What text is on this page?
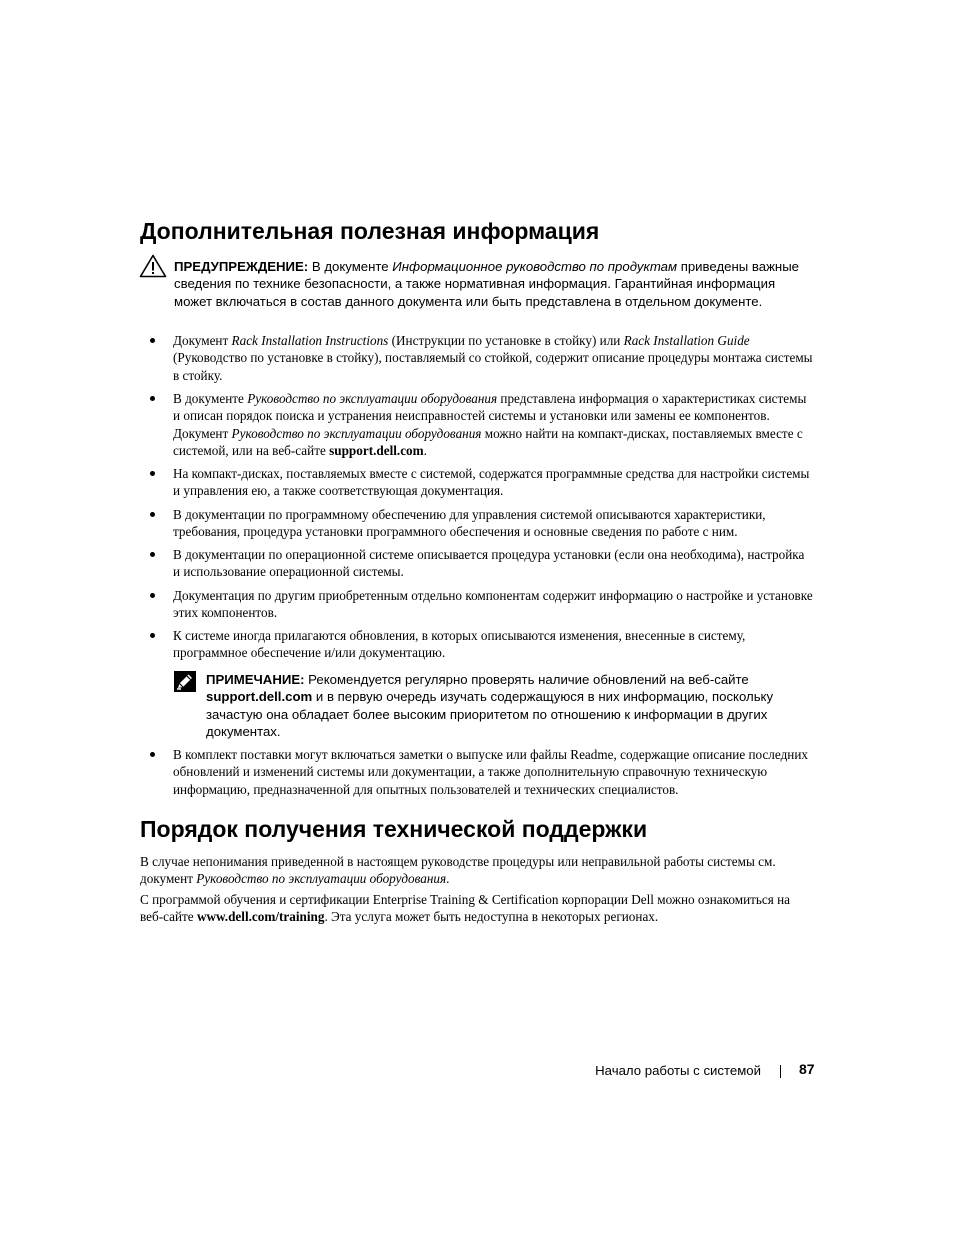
Дополнительная полезная информация
ПРЕДУПРЕЖДЕНИЕ: В документе Информационное руководство по продуктам приведены важные сведения по технике безопасности, а также нормативная информация. Гарантийная информация может включаться в состав данного документа или быть представлена в отдельном документе.
Документ Rack Installation Instructions (Инструкции по установке в стойку) или Rack Installation Guide (Руководство по установке в стойку), поставляемый со стойкой, содержит описание процедуры монтажа системы в стойку.
В документе Руководство по эксплуатации оборудования представлена информация о характеристиках системы и описан порядок поиска и устранения неисправностей системы и установки или замены ее компонентов. Документ Руководство по эксплуатации оборудования можно найти на компакт-дисках, поставляемых вместе с системой, или на веб-сайте support.dell.com.
На компакт-дисках, поставляемых вместе с системой, содержатся программные средства для настройки системы и управления ею, а также соответствующая документация.
В документации по программному обеспечению для управления системой описываются характеристики, требования, процедура установки программного обеспечения и основные сведения по работе с ним.
В документации по операционной системе описывается процедура установки (если она необходима), настройка и использование операционной системы.
Документация по другим приобретенным отдельно компонентам содержит информацию о настройке и установке этих компонентов.
К системе иногда прилагаются обновления, в которых описываются изменения, внесенные в систему, программное обеспечение и/или документацию.
ПРИМЕЧАНИЕ: Рекомендуется регулярно проверять наличие обновлений на веб-сайте support.dell.com и в первую очередь изучать содержащуюся в них информацию, поскольку зачастую она обладает более высоким приоритетом по отношению к информации в других документах.
В комплект поставки могут включаться заметки о выпуске или файлы Readme, содержащие описание последних обновлений и изменений системы или документации, а также дополнительную справочную техническую информацию, предназначенной для опытных пользователей и технических специалистов.
Порядок получения технической поддержки
В случае непонимания приведенной в настоящем руководстве процедуры или неправильной работы системы см. документ Руководство по эксплуатации оборудования.
С программой обучения и сертификации Enterprise Training & Certification корпорации Dell можно ознакомиться на веб-сайте www.dell.com/training. Эта услуга может быть недоступна в некоторых регионах.
Начало работы с системой	87
